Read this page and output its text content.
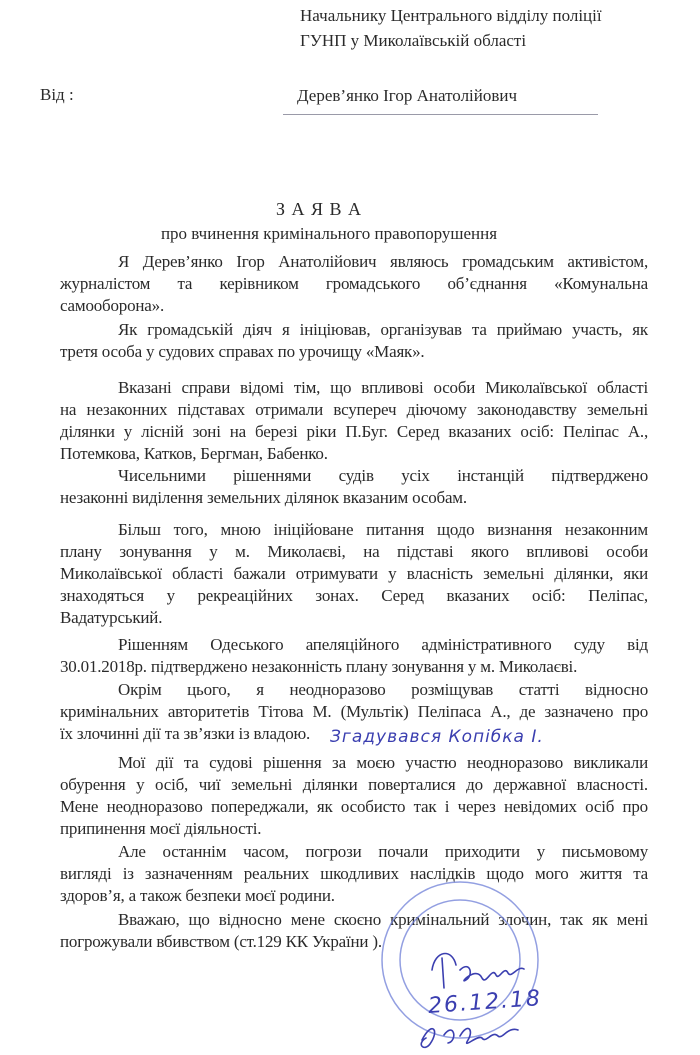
Начальнику Центрального відділу поліції
ГУНП у Миколаївській області
Від :	Дерев’янко Ігор Анатолійович
З А Я В А
про вчинення кримінального правопорушення
Я Дерев’янко Ігор Анатолійович являюсь громадським активістом,
журналістом та керівником громадського об’єднання «Комунальна
самооборона».
Як громадській діяч я ініціював, організував та приймаю участь, як
третя особа у судових справах по урочищу «Маяк».
Вказані справи відомі тім, що впливові особи Миколаївської області
на незаконних підставах отримали всупереч діючому законодавству земельні
ділянки у лісній зоні на березі ріки П.Буг. Серед вказаних осіб: Пеліпас А.,
Потемкова, Катков, Бергман, Бабенко.
Чисельними рішеннями судів усіх інстанцій підтверджено
незаконні виділення земельних ділянок вказаним особам.
Більш того, мною ініційоване питання щодо визнання незаконним
плану зонування у м. Миколаєві, на підставі якого впливові особи
Миколаївської області бажали отримувати у власність земельні ділянки, яки
знаходяться у рекреаційних зонах. Серед вказаних осіб: Пеліпас,
Вадатурський.
Рішенням Одеського апеляційного адміністративного суду від
30.01.2018р. підтверджено незаконність плану зонування у м. Миколаєві.
Окрім цього, я неодноразово розміщував статті відносно
кримінальних авторитетів Тітова М. (Мультік) Пеліпаса А., де зазначено про
їх злочинні дії та зв’язки із владою.
Мої дії та судові рішення за моєю участю неодноразово викликали
обурення у осіб, чиї земельні ділянки поверталися до державної власності.
Мене неодноразово попереджали, як особисто так і через невідомих осіб про
припинення моєї діяльності.
Але останнім часом, погрози почали приходити у письмовому
вигляді із зазначенням реальних шкодливих наслідків щодо мого життя та
здоров’я, а також безпеки моєї родини.
Вважаю, що відносно мене скоєно кримінальний злочин, так як мені
погрожували вбивством (ст.129 КК України ).
Згадувався Копібка І.
26.12.18
